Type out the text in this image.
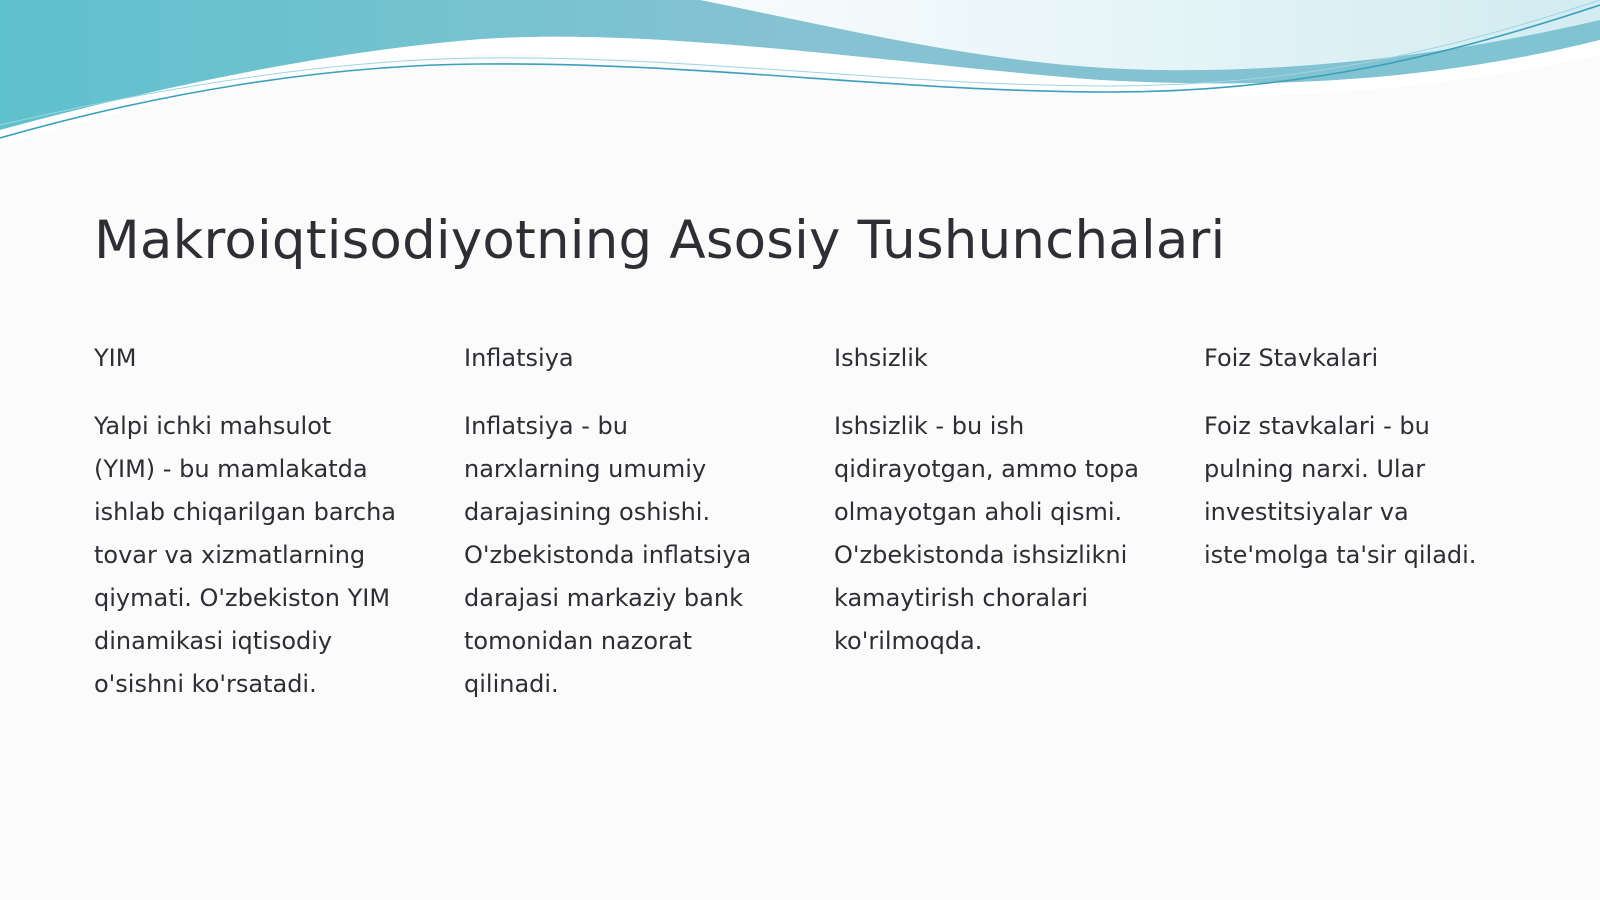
Makroiqtisodiyotning Asosiy Tushunchalari
YIM

Yalpi ichki mahsulot (YIM) - bu mamlakatda ishlab chiqarilgan barcha tovar va xizmatlarning qiymati. O'zbekiston YIM dinamikasi iqtisodiy o'sishni ko'rsatadi.

Inflatsiya

Inflatsiya - bu narxlarning umumiy darajasining oshishi. O'zbekistonda inflatsiya darajasi markaziy bank tomonidan nazorat qilinadi.

Ishsizlik

Ishsizlik - bu ish qidirayotgan, ammo topa olmayotgan aholi qismi. O'zbekistonda ishsizlikni kamaytirish choralari ko'rilmoqda.

Foiz Stavkalari

Foiz stavkalari - bu pulning narxi. Ular investitsiyalar va iste'molga ta'sir qiladi.
